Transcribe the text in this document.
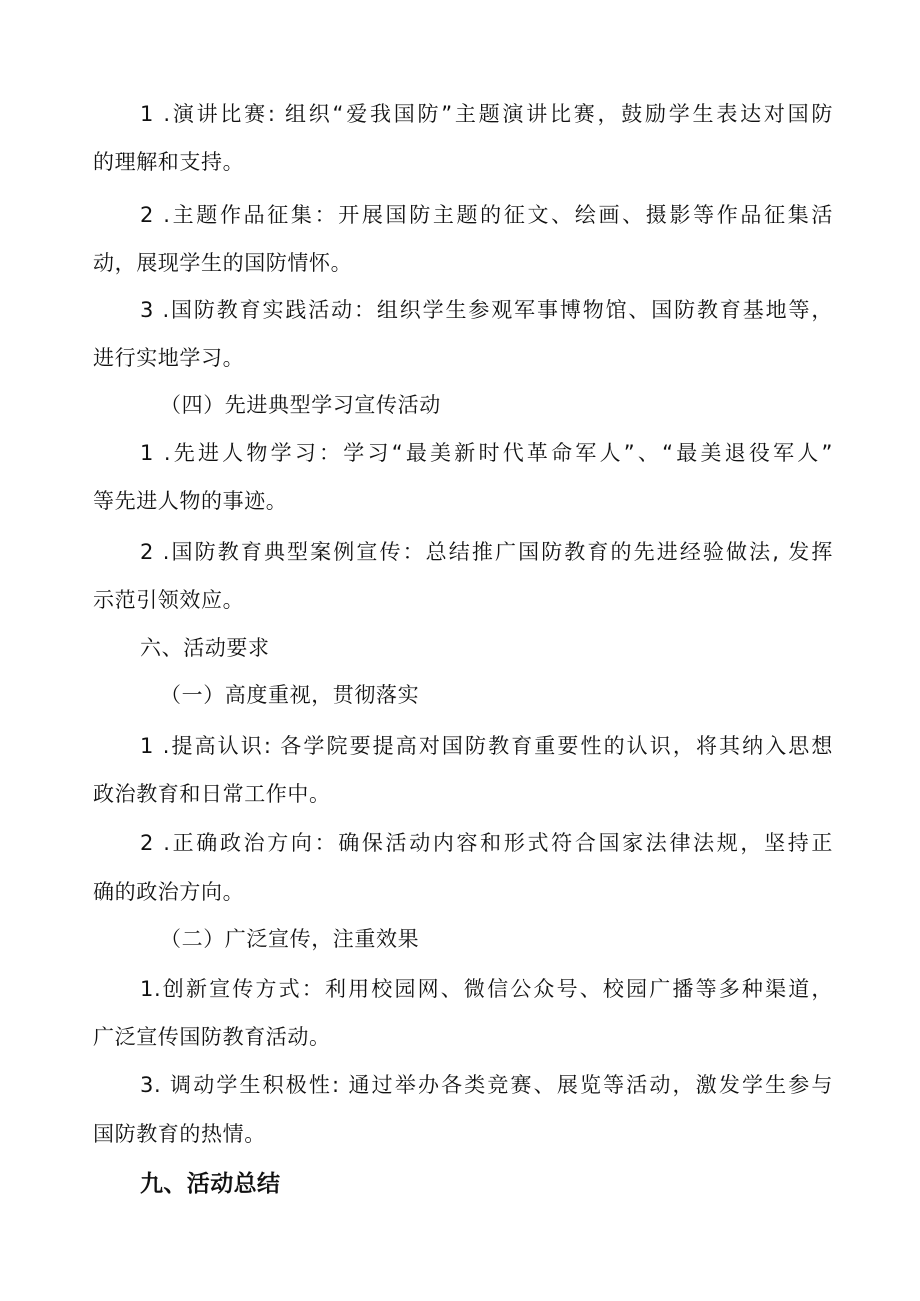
1 .演讲比赛: 组织“爱我国防”主题演讲比赛，鼓励学生表达对国防
的理解和支持。
2 .主题作品征集：开展国防主题的征文、绘画、摄影等作品征集活
动，展现学生的国防情怀。
3 .国防教育实践活动：组织学生参观军事博物馆、国防教育基地等，
进行实地学习。
（四）先进典型学习宣传活动
1 .先进人物学习：学习“最美新时代革命军人”、“最美退役军人”
等先进人物的事迹。
2 .国防教育典型案例宣传：总结推广国防教育的先进经验做法, 发挥
示范引领效应。
六、活动要求
（一）高度重视，贯彻落实
1 .提高认识: 各学院要提高对国防教育重要性的认识，将其纳入思想
政治教育和日常工作中。
2 .正确政治方向：确保活动内容和形式符合国家法律法规，坚持正
确的政治方向。
（二）广泛宣传，注重效果
1.创新宣传方式：利用校园网、微信公众号、校园广播等多种渠道，
广泛宣传国防教育活动。
3. 调动学生积极性: 通过举办各类竞赛、展览等活动，激发学生参与
国防教育的热情。
九、活动总结
